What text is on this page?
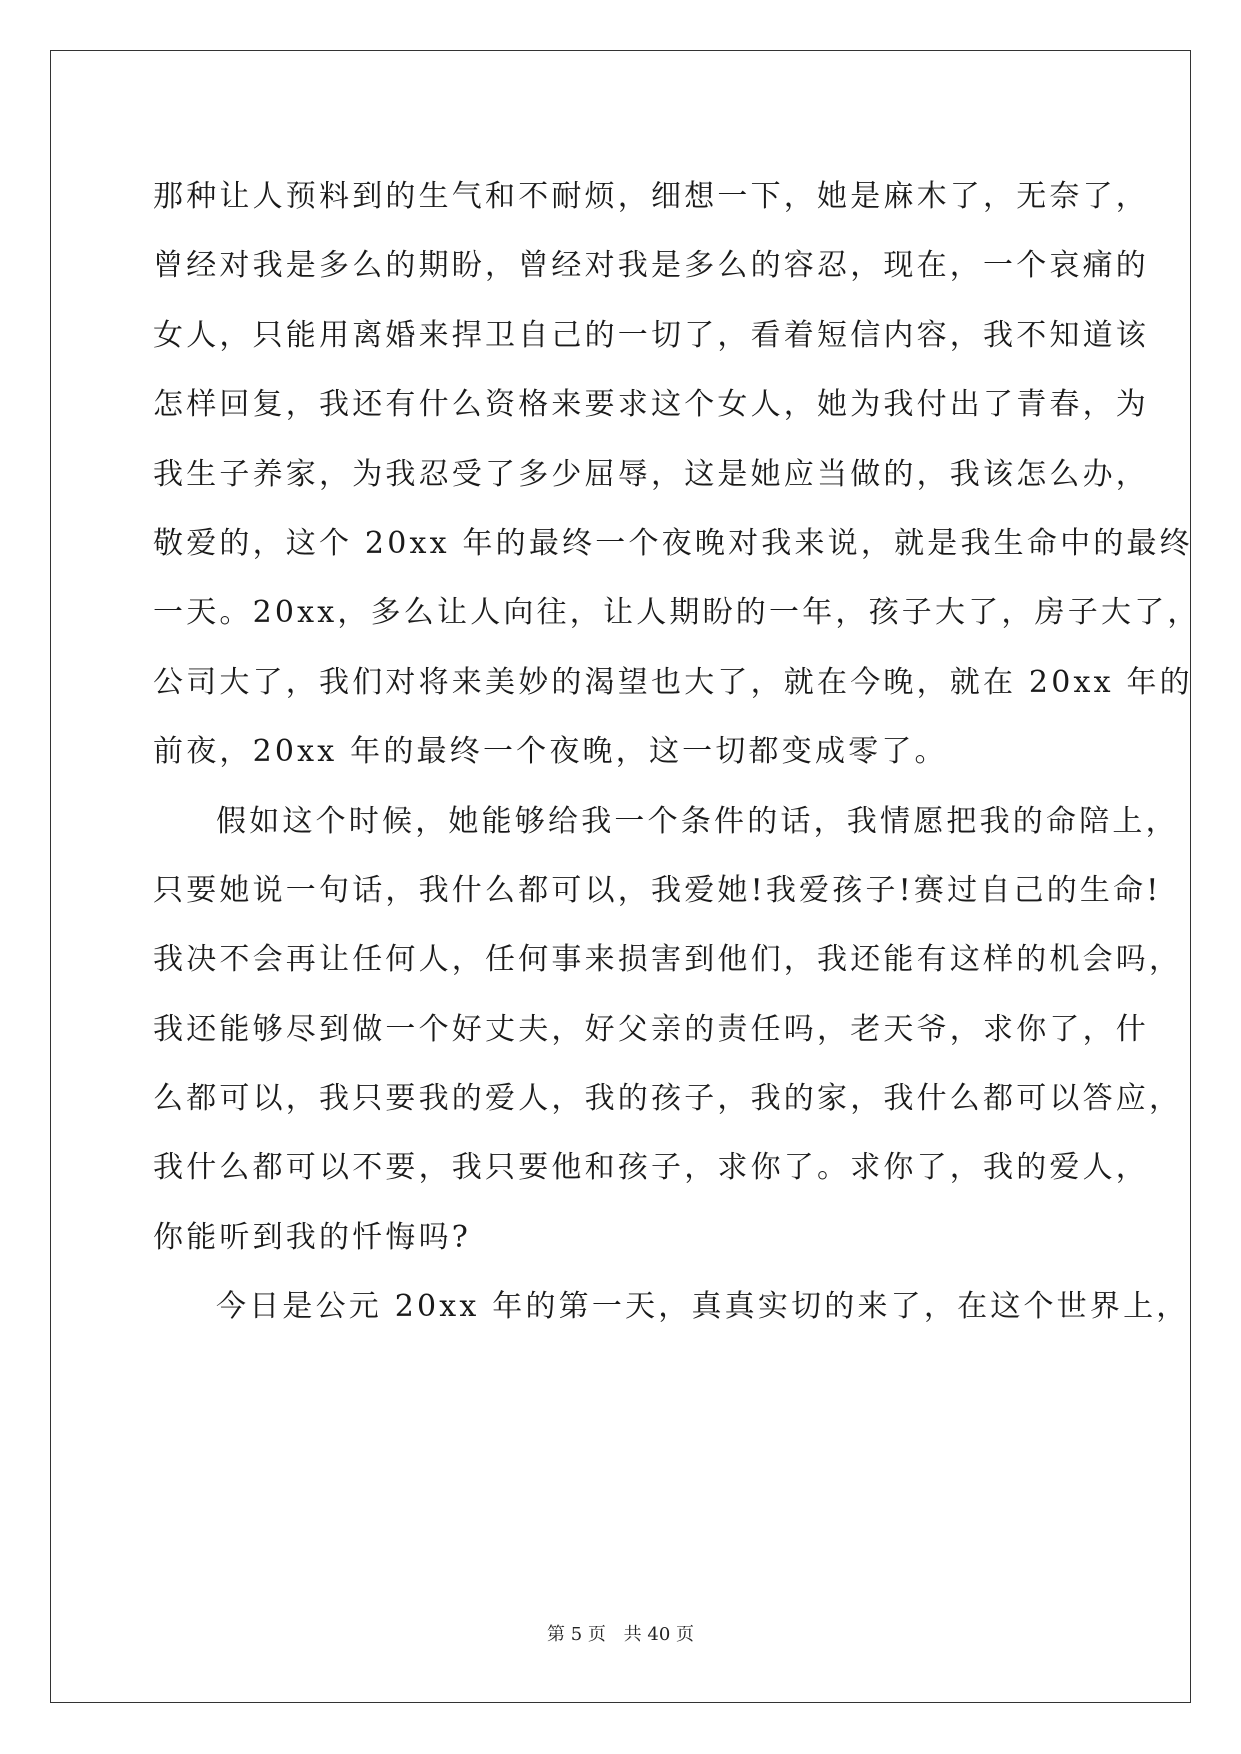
那种让人预料到的生气和不耐烦，细想一下，她是麻木了，无奈了，
曾经对我是多么的期盼，曾经对我是多么的容忍，现在，一个哀痛的
女人，只能用离婚来捍卫自己的一切了，看着短信内容，我不知道该
怎样回复，我还有什么资格来要求这个女人，她为我付出了青春，为
我生子养家，为我忍受了多少屈辱，这是她应当做的，我该怎么办，
敬爱的，这个 20xx 年的最终一个夜晚对我来说，就是我生命中的最终
一天。20xx，多么让人向往，让人期盼的一年，孩子大了，房子大了，
公司大了，我们对将来美妙的渴望也大了，就在今晚，就在 20xx 年的
前夜，20xx 年的最终一个夜晚，这一切都变成零了。
假如这个时候，她能够给我一个条件的话，我情愿把我的命陪上，
只要她说一句话，我什么都可以，我爱她!我爱孩子!赛过自己的生命!
我决不会再让任何人，任何事来损害到他们，我还能有这样的机会吗，
我还能够尽到做一个好丈夫，好父亲的责任吗，老天爷，求你了，什
么都可以，我只要我的爱人，我的孩子，我的家，我什么都可以答应，
我什么都可以不要，我只要他和孩子，求你了。求你了，我的爱人，
你能听到我的忏悔吗?
今日是公元 20xx 年的第一天，真真实切的来了，在这个世界上，
第 5 页 共 40 页
